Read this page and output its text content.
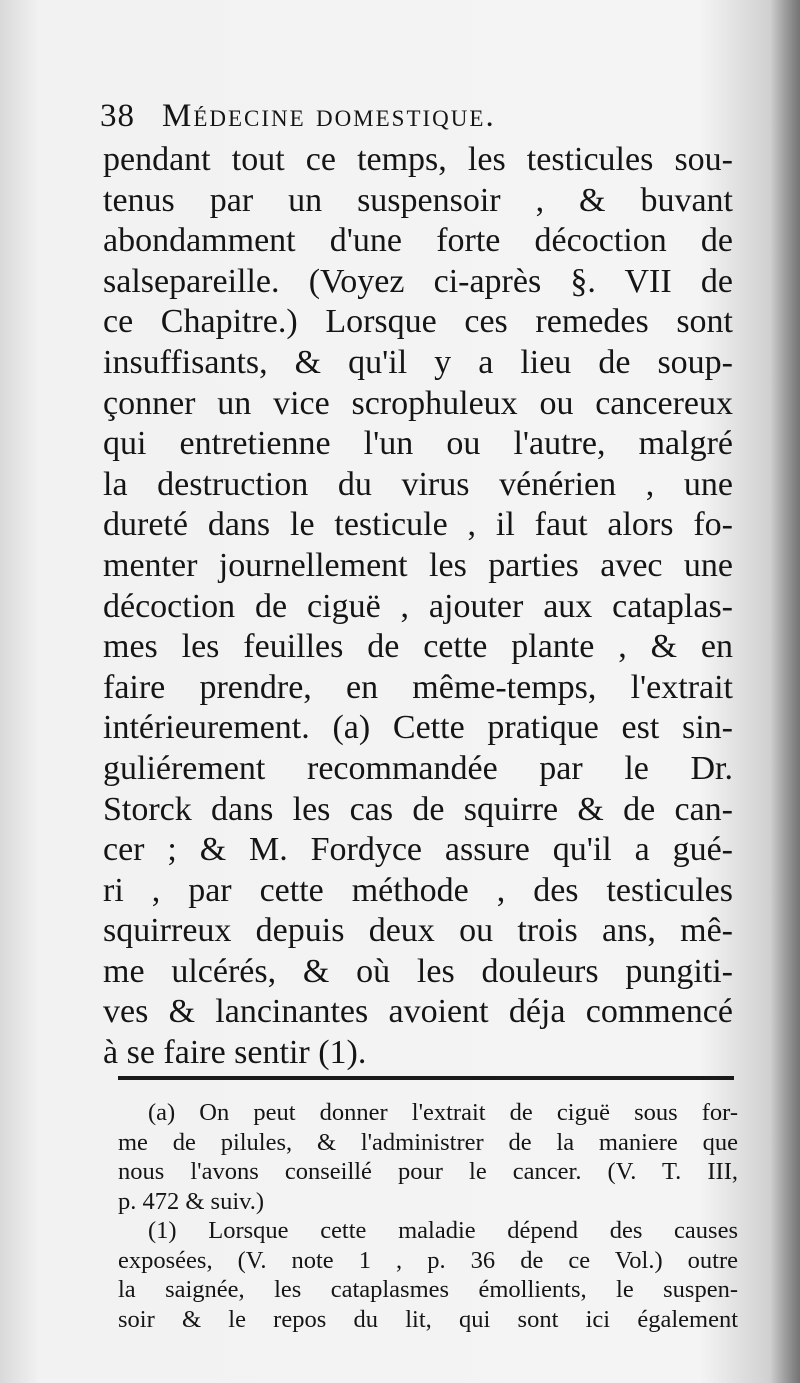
38 Médecine domestique.
pendant tout ce temps, les testicules sou-
tenus par un suspensoir , & buvant
abondamment d'une forte décoction de
salsepareille. (Voyez ci-après §. VII de
ce Chapitre.) Lorsque ces remedes sont
insuffisants, & qu'il y a lieu de soup-
çonner un vice scrophuleux ou cancereux
qui entretienne l'un ou l'autre, malgré
la destruction du virus vénérien , une
dureté dans le testicule , il faut alors fo-
menter journellement les parties avec une
décoction de ciguë , ajouter aux cataplas-
mes les feuilles de cette plante , & en
faire prendre, en même-temps, l'extrait
intérieurement. (a) Cette pratique est sin-
guliérement recommandée par le Dr.
Storck dans les cas de squirre & de can-
cer ; & M. Fordyce assure qu'il a gué-
ri , par cette méthode , des testicules
squirreux depuis deux ou trois ans, mê-
me ulcérés, & où les douleurs pungiti-
ves & lancinantes avoient déja commencé
à se faire sentir (1).
(a) On peut donner l'extrait de ciguë sous for-
me de pilules, & l'administrer de la maniere que
nous l'avons conseillé pour le cancer. (V. T. III,
p. 472 & suiv.)
(1) Lorsque cette maladie dépend des causes
exposées, (V. note 1 , p. 36 de ce Vol.) outre
la saignée, les cataplasmes émollients, le suspen-
soir & le repos du lit, qui sont ici également
